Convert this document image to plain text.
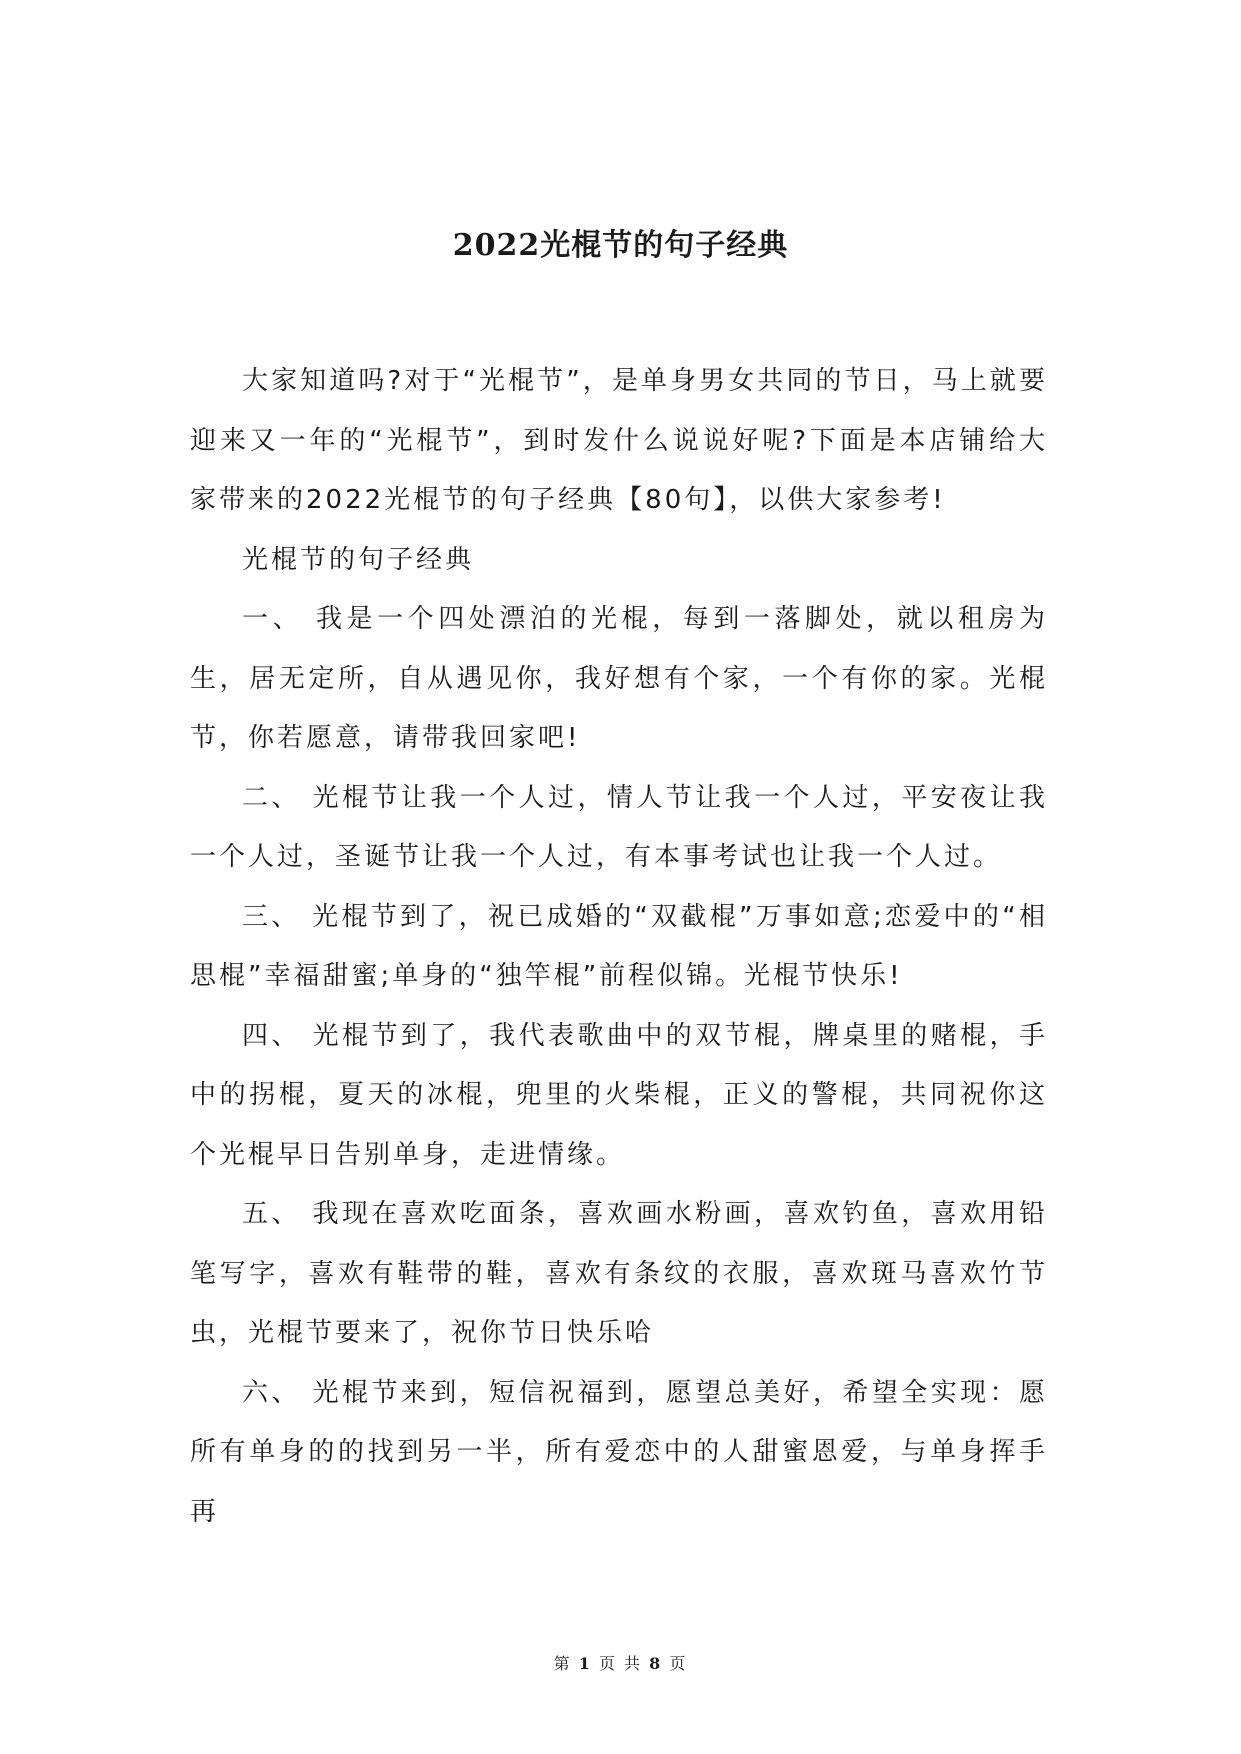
2022光棍节的句子经典

大家知道吗?对于“光棍节”，是单身男女共同的节日，马上就要迎来又一年的“光棍节”，到时发什么说说好呢?下面是本店铺给大家带来的2022光棍节的句子经典【80句】，以供大家参考!

光棍节的句子经典

一、 我是一个四处漂泊的光棍，每到一落脚处，就以租房为生，居无定所，自从遇见你，我好想有个家，一个有你的家。光棍节，你若愿意，请带我回家吧!

二、 光棍节让我一个人过，情人节让我一个人过，平安夜让我一个人过，圣诞节让我一个人过，有本事考试也让我一个人过。

三、 光棍节到了，祝已成婚的“双截棍”万事如意;恋爱中的“相思棍”幸福甜蜜;单身的“独竿棍”前程似锦。光棍节快乐!

四、 光棍节到了，我代表歌曲中的双节棍，牌桌里的赌棍，手中的拐棍，夏天的冰棍，兜里的火柴棍，正义的警棍，共同祝你这个光棍早日告别单身，走进情缘。

五、 我现在喜欢吃面条，喜欢画水粉画，喜欢钓鱼，喜欢用铅笔写字，喜欢有鞋带的鞋，喜欢有条纹的衣服，喜欢斑马喜欢竹节虫，光棍节要来了，祝你节日快乐哈

六、 光棍节来到，短信祝福到，愿望总美好，希望全实现：愿所有单身的的找到另一半，所有爱恋中的人甜蜜恩爱，与单身挥手再

第 1 页 共 8 页
